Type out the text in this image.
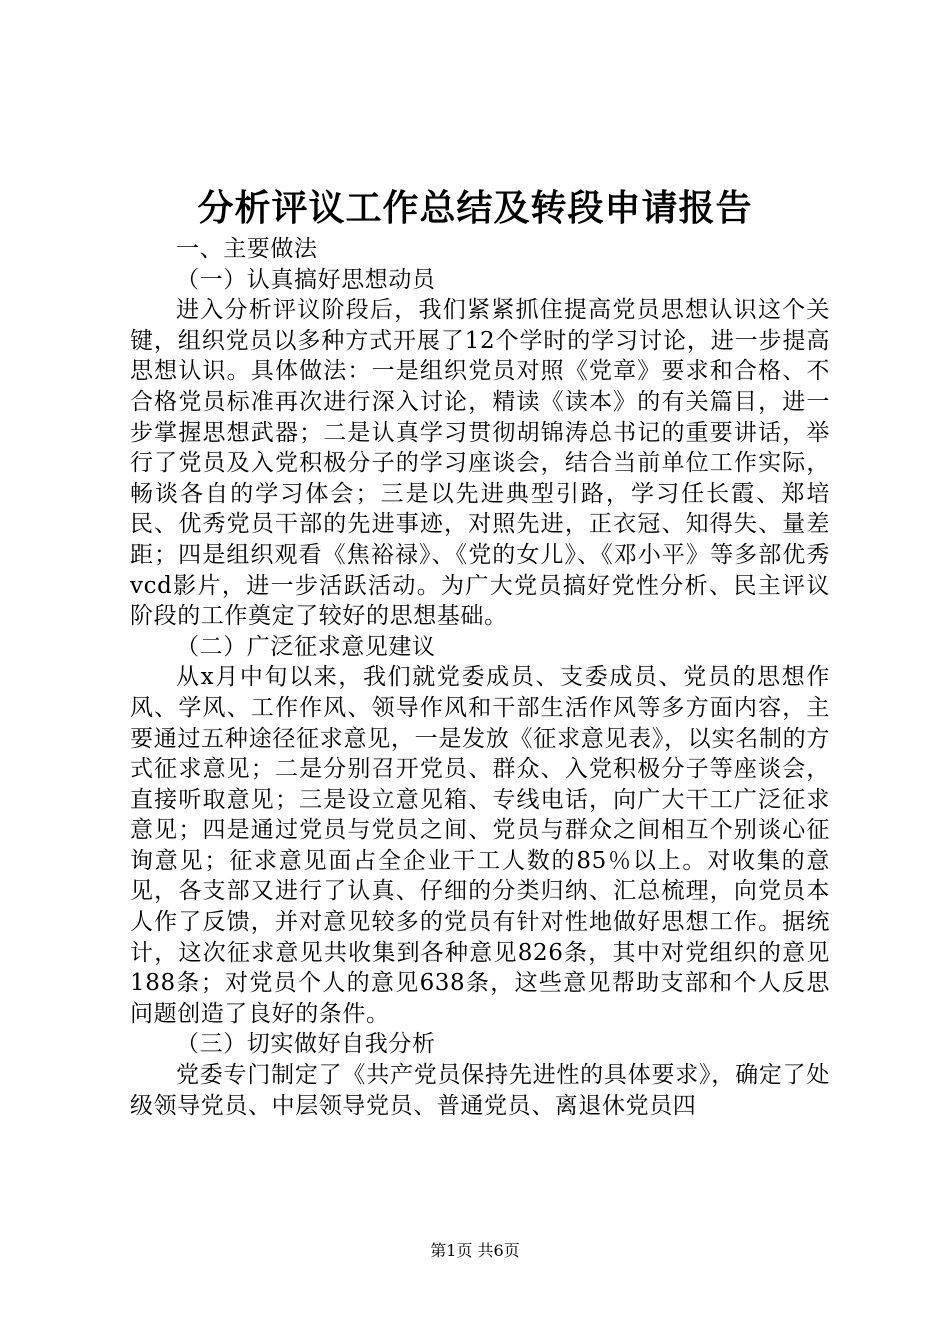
分析评议工作总结及转段申请报告

一、主要做法

（一）认真搞好思想动员

进入分析评议阶段后，我们紧紧抓住提高党员思想认识这个关键，组织党员以多种方式开展了12个学时的学习讨论，进一步提高思想认识。具体做法：一是组织党员对照《党章》要求和合格、不合格党员标准再次进行深入讨论，精读《读本》的有关篇目，进一步掌握思想武器；二是认真学习贯彻胡锦涛总书记的重要讲话，举行了党员及入党积极分子的学习座谈会，结合当前单位工作实际，畅谈各自的学习体会；三是以先进典型引路，学习任长霞、郑培民、优秀党员干部的先进事迹，对照先进，正衣冠、知得失、量差距；四是组织观看《焦裕禄》、《党的女儿》、《邓小平》等多部优秀vcd影片，进一步活跃活动。为广大党员搞好党性分析、民主评议阶段的工作奠定了较好的思想基础。

（二）广泛征求意见建议

从x月中旬以来，我们就党委成员、支委成员、党员的思想作风、学风、工作作风、领导作风和干部生活作风等多方面内容，主要通过五种途径征求意见，一是发放《征求意见表》，以实名制的方式征求意见；二是分别召开党员、群众、入党积极分子等座谈会，直接听取意见；三是设立意见箱、专线电话，向广大干工广泛征求意见；四是通过党员与党员之间、党员与群众之间相互个别谈心征询意见；征求意见面占全企业干工人数的85％以上。对收集的意见，各支部又进行了认真、仔细的分类归纳、汇总梳理，向党员本人作了反馈，并对意见较多的党员有针对性地做好思想工作。据统计，这次征求意见共收集到各种意见826条，其中对党组织的意见188条；对党员个人的意见638条，这些意见帮助支部和个人反思问题创造了良好的条件。

（三）切实做好自我分析

党委专门制定了《共产党员保持先进性的具体要求》，确定了处级领导党员、中层领导党员、普通党员、离退休党员四

第1页 共6页
